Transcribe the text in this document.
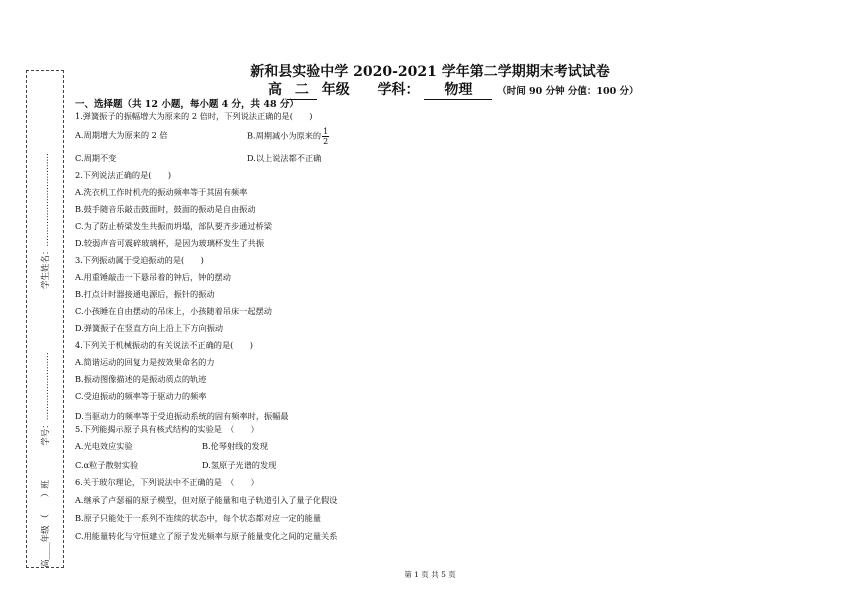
学生姓名：……………………………
学号：……………………
高____年级 （　　）班
新和县实验中学 2020-2021 学年第二学期期末考试试卷
高 二 年级 学科： 物理	（时间 90 分钟 分值：100 分）
一、选择题（共 12 小题，每小题 4 分，共 48 分）
1.弹簧振子的振幅增大为原来的 2 倍时，下列说法正确的是(　　)
A.周期增大为原来的 2 倍	B.周期减小为原来的 $\frac{1}{2}$
C.周期不变	D.以上说法都不正确
2.下列说法正确的是(　　)
A.洗衣机工作时机壳的振动频率等于其固有频率
B.鼓手随音乐敲击鼓面时，鼓面的振动是自由振动
C.为了防止桥梁发生共振而坍塌，部队要齐步通过桥梁
D.较弱声音可震碎玻璃杯，是因为玻璃杯发生了共振
3.下列振动属于受迫振动的是(　　)
A.用重锤敲击一下悬吊着的钟后，钟的摆动
B.打点计时器接通电源后，振针的振动
C.小孩睡在自由摆动的吊床上，小孩随着吊床一起摆动
D.弹簧振子在竖直方向上沿上下方向振动
4.下列关于机械振动的有关说法不正确的是(　　)
A.简谐运动的回复力是按效果命名的力
B.振动图像描述的是振动质点的轨迹
C.受迫振动的频率等于驱动力的频率
D.当驱动力的频率等于受迫振动系统的固有频率时，振幅最
5.下列能揭示原子具有核式结构的实验是　（　　）
A.光电效应实验	B.伦琴射线的发现
C.α粒子散射实验	D.氢原子光谱的发现
6.关于玻尔理论，下列说法中不正确的是　（　　）
A.继承了卢瑟福的原子模型，但对原子能量和电子轨道引入了量子化假设
B.原子只能处于一系列不连续的状态中，每个状态都对应一定的能量
C.用能量转化与守恒建立了原子发光频率与原子能量变化之间的定量关系
第 1 页 共 5 页
